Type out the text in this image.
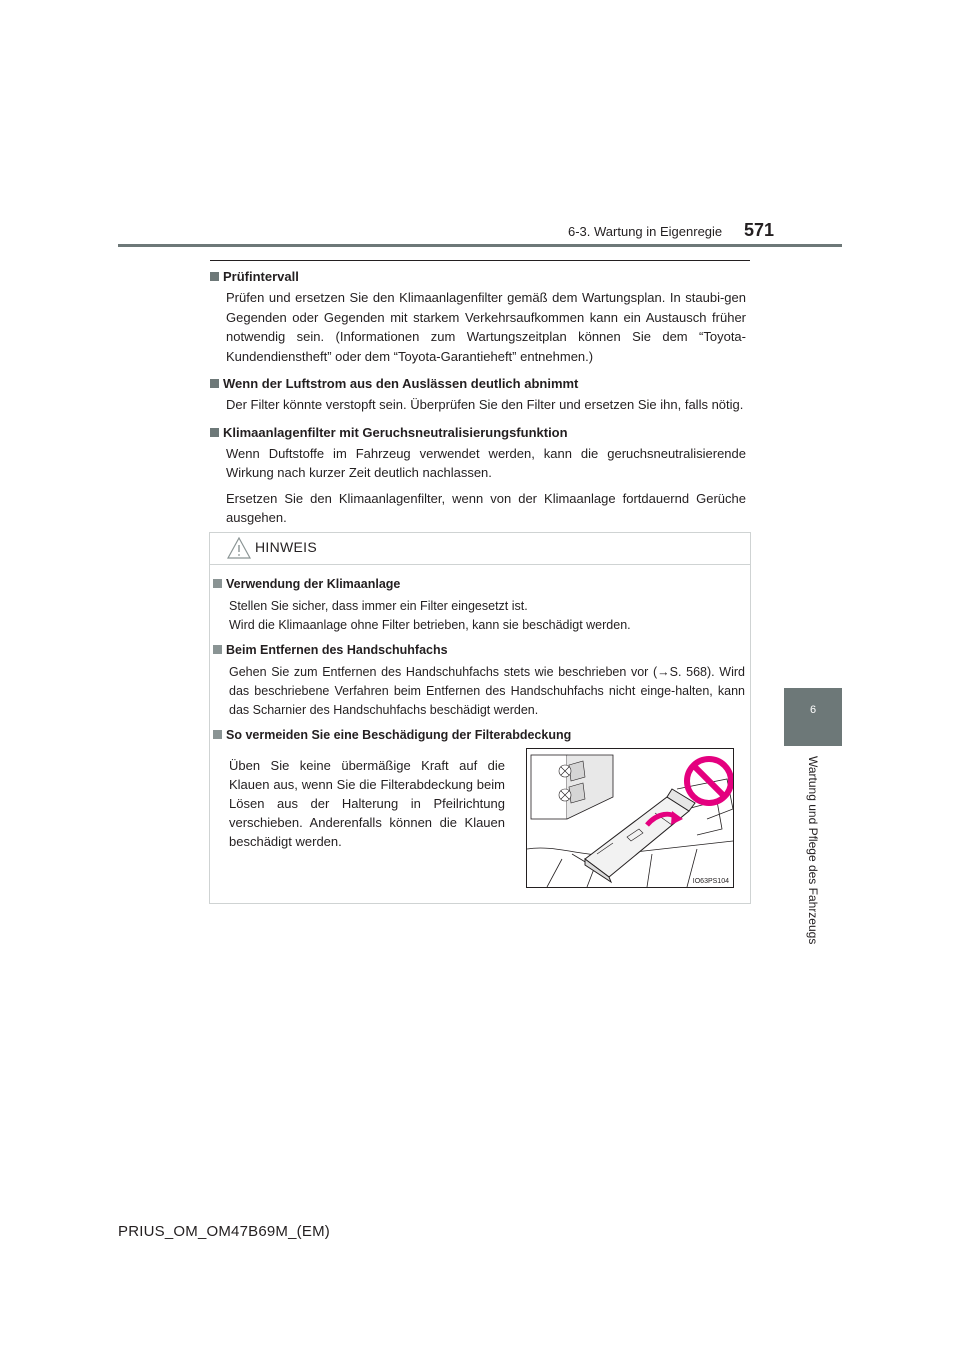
6-3. Wartung in Eigenregie 571
6
Wartung und Pflege des Fahrzeugs
Prüfintervall

Prüfen und ersetzen Sie den Klimaanlagenfilter gemäß dem Wartungsplan. In staubi-gen Gegenden oder Gegenden mit starkem Verkehrsaufkommen kann ein Austausch früher notwendig sein. (Informationen zum Wartungszeitplan können Sie dem “Toyota-Kundendienstheft” oder dem “Toyota-Garantieheft” entnehmen.)

Wenn der Luftstrom aus den Auslässen deutlich abnimmt

Der Filter könnte verstopft sein. Überprüfen Sie den Filter und ersetzen Sie ihn, falls nötig.

Klimaanlagenfilter mit Geruchsneutralisierungsfunktion

Wenn Duftstoffe im Fahrzeug verwendet werden, kann die geruchsneutralisierende Wirkung nach kurzer Zeit deutlich nachlassen.

Ersetzen Sie den Klimaanlagenfilter, wenn von der Klimaanlage fortdauernd Gerüche ausgehen.

HINWEIS
Verwendung der Klimaanlage

Stellen Sie sicher, dass immer ein Filter eingesetzt ist.

Wird die Klimaanlage ohne Filter betrieben, kann sie beschädigt werden.

Beim Entfernen des Handschuhfachs

Gehen Sie zum Entfernen des Handschuhfachs stets wie beschrieben vor (→S. 568). Wird das beschriebene Verfahren beim Entfernen des Handschuhfachs nicht einge-halten, kann das Scharnier des Handschuhfachs beschädigt werden.

So vermeiden Sie eine Beschädigung der Filterabdeckung

Üben Sie keine übermäßige Kraft auf die Klauen aus, wenn Sie die Filterabdeckung beim Lösen aus der Halterung in Pfeilrichtung verschieben. Anderenfalls können die Klauen beschädigt werden.

IO63PS104
PRIUS_OM_OM47B69M_(EM)
